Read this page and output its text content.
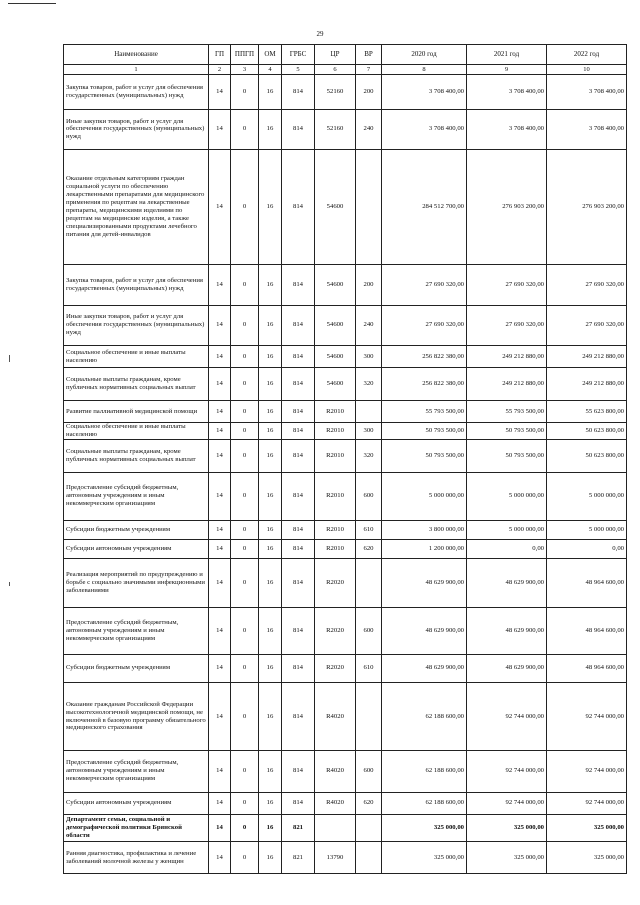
29
Наименование	ГП	ППГП	ОМ	ГРБС	ЦР	ВР	2020 год	2021 год	2022 год
1	2	3	4	5	6	7	8	9	10
Закупка товаров, работ и услуг для обеспечения государственных (муниципальных) нужд	14	0	16	814	52160	200	3 708 400,00	3 708 400,00	3 708 400,00
Иные закупки товаров, работ и услуг для обеспечения государственных (муниципальных) нужд	14	0	16	814	52160	240	3 708 400,00	3 708 400,00	3 708 400,00
Оказание отдельным категориям граждан социальной услуги по обеспечению лекарственными препаратами для медицинского применения по рецептам на лекарственные препараты, медицинскими изделиями по рецептам на медицинские изделия, а также специализированными продуктами лечебного питания для детей-инвалидов	14	0	16	814	54600		284 512 700,00	276 903 200,00	276 903 200,00
Закупка товаров, работ и услуг для обеспечения государственных (муниципальных) нужд	14	0	16	814	54600	200	27 690 320,00	27 690 320,00	27 690 320,00
Иные закупки товаров, работ и услуг для обеспечения государственных (муниципальных) нужд	14	0	16	814	54600	240	27 690 320,00	27 690 320,00	27 690 320,00
Социальное обеспечение и иные выплаты населению	14	0	16	814	54600	300	256 822 380,00	249 212 880,00	249 212 880,00
Социальные выплаты гражданам, кроме публичных нормативных социальных выплат	14	0	16	814	54600	320	256 822 380,00	249 212 880,00	249 212 880,00
Развитие паллиативной медицинской помощи	14	0	16	814	R2010		55 793 500,00	55 793 500,00	55 623 800,00
Социальное обеспечение и иные выплаты населению	14	0	16	814	R2010	300	50 793 500,00	50 793 500,00	50 623 800,00
Социальные выплаты гражданам, кроме публичных нормативных социальных выплат	14	0	16	814	R2010	320	50 793 500,00	50 793 500,00	50 623 800,00
Предоставление субсидий бюджетным, автономным учреждениям и иным некоммерческим организациям	14	0	16	814	R2010	600	5 000 000,00	5 000 000,00	5 000 000,00
Субсидии бюджетным учреждениям	14	0	16	814	R2010	610	3 800 000,00	5 000 000,00	5 000 000,00
Субсидии автономным учреждениям	14	0	16	814	R2010	620	1 200 000,00	0,00	0,00
Реализация мероприятий по предупреждению и борьбе с социально значимыми инфекционными заболеваниями	14	0	16	814	R2020		48 629 900,00	48 629 900,00	48 964 600,00
Предоставление субсидий бюджетным, автономным учреждениям и иным некоммерческим организациям	14	0	16	814	R2020	600	48 629 900,00	48 629 900,00	48 964 600,00
Субсидии бюджетным учреждениям	14	0	16	814	R2020	610	48 629 900,00	48 629 900,00	48 964 600,00
Оказание гражданам Российской Федерации высокотехнологичной медицинской помощи, не включенной в базовую программу обязательного медицинского страхования	14	0	16	814	R4020		62 188 600,00	92 744 000,00	92 744 000,00
Предоставление субсидий бюджетным, автономным учреждениям и иным некоммерческим организациям	14	0	16	814	R4020	600	62 188 600,00	92 744 000,00	92 744 000,00
Субсидии автономным учреждениям	14	0	16	814	R4020	620	62 188 600,00	92 744 000,00	92 744 000,00
Департамент семьи, социальной и демографической политики Брянской области	14	0	16	821			325 000,00	325 000,00	325 000,00
Ранняя диагностика, профилактика и лечение заболеваний молочной железы у женщин	14	0	16	821	13790		325 000,00	325 000,00	325 000,00
